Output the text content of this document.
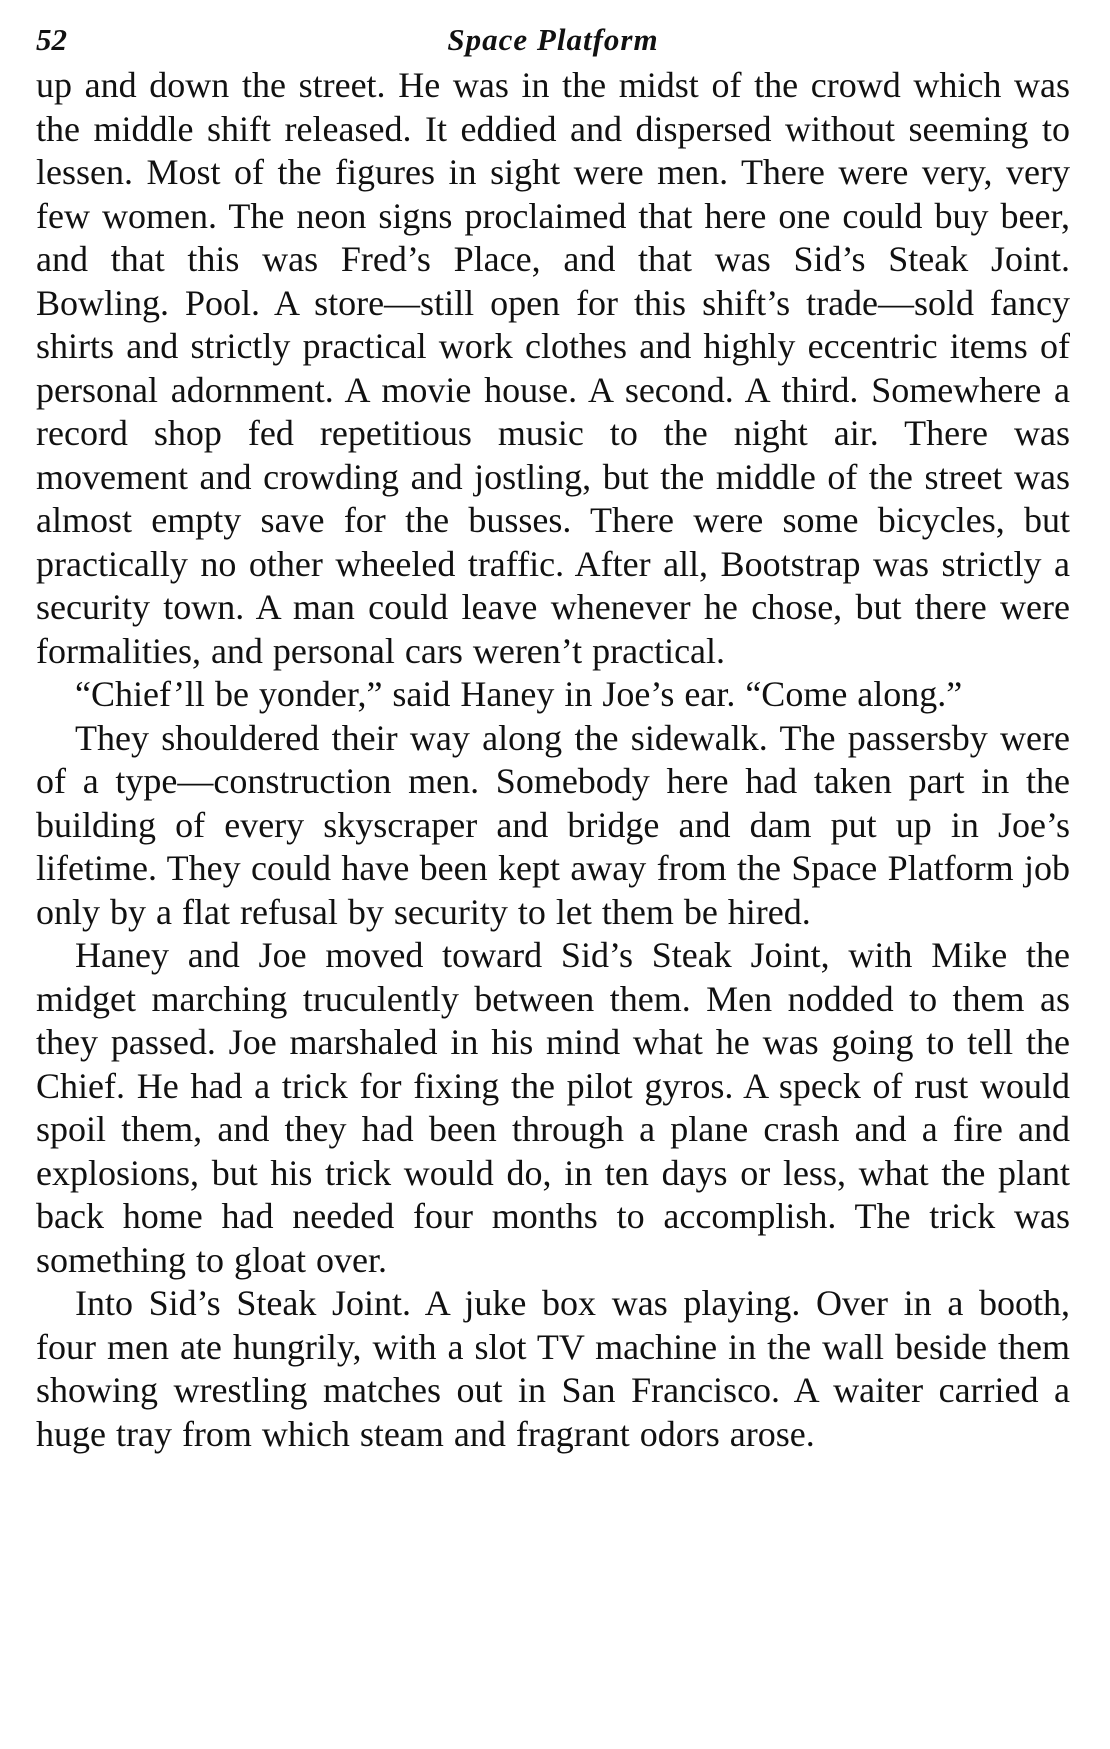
52	Space Platform

up and down the street. He was in the midst of the crowd which was the middle shift released. It eddied and dispersed without seeming to lessen. Most of the figures in sight were men. There were very, very few women. The neon signs proclaimed that here one could buy beer, and that this was Fred’s Place, and that was Sid’s Steak Joint. Bowling. Pool. A store—still open for this shift’s trade—sold fancy shirts and strictly practical work clothes and highly eccentric items of personal adornment. A movie house. A second. A third. Somewhere a record shop fed repetitious music to the night air. There was movement and crowding and jostling, but the middle of the street was almost empty save for the busses. There were some bicycles, but practically no other wheeled traffic. After all, Bootstrap was strictly a security town. A man could leave whenever he chose, but there were formalities, and personal cars weren’t practical.

“Chief’ll be yonder,” said Haney in Joe’s ear. “Come along.”

They shouldered their way along the sidewalk. The passersby were of a type—construction men. Somebody here had taken part in the building of every skyscraper and bridge and dam put up in Joe’s lifetime. They could have been kept away from the Space Platform job only by a flat refusal by security to let them be hired.

Haney and Joe moved toward Sid’s Steak Joint, with Mike the midget marching truculently between them. Men nodded to them as they passed. Joe marshaled in his mind what he was going to tell the Chief. He had a trick for fixing the pilot gyros. A speck of rust would spoil them, and they had been through a plane crash and a fire and explosions, but his trick would do, in ten days or less, what the plant back home had needed four months to accomplish. The trick was something to gloat over.

Into Sid’s Steak Joint. A juke box was playing. Over in a booth, four men ate hungrily, with a slot TV machine in the wall beside them showing wrestling matches out in San Francisco. A waiter carried a huge tray from which steam and fragrant odors arose.
